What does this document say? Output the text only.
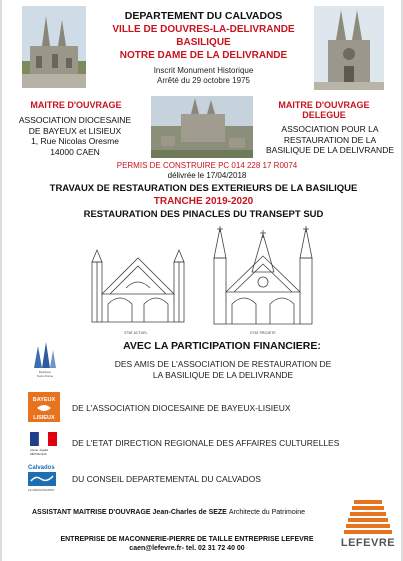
DEPARTEMENT DU CALVADOS
VILLE DE DOUVRES-LA-DELIVRANDE
BASILIQUE
NOTRE DAME DE LA DELIVRANDE
Inscrit Monument Historique
Arrêté du 29 octobre 1975
MAITRE D'OUVRAGE
ASSOCIATION DIOCESAINE
DE BAYEUX et LISIEUX
1, Rue Nicolas Oresme
14000 CAEN
MAITRE D'OUVRAGE
DELEGUE
ASSOCIATION POUR LA
RESTAURATION DE LA
BASILIQUE DE LA DELIVRANDE
PERMIS DE CONSTRUIRE PC 014 228 17 R0074
délivrée le 17/04/2018
TRAVAUX DE RESTAURATION DES EXTERIEURS DE LA BASILIQUE
TRANCHE 2019-2020
RESTAURATION DES PINACLES DU TRANSEPT SUD
ETAT ACTUEL	ETAT PROJETE
AVEC LA PARTICIPATION FINANCIERE:
Basilique
Notre-Dame
DES AMIS DE L'ASSOCIATION DE RESTAURATION DE
LA BASILIQUE DE LA DELIVRANDE
BAYEUX
LISIEUX
DE L'ASSOCIATION DIOCESAINE DE BAYEUX-LISIEUX
Liberté • Égalité
RÉPUBLIQUE
DE L'ETAT DIRECTION REGIONALE DES AFFAIRES CULTURELLES
Calvados
LE DÉPARTEMENT
DU CONSEIL DEPARTEMENTAL DU CALVADOS
ASSISTANT MAITRISE D'OUVRAGE Jean-Charles de SEZE Architecte du Patrimoine
ENTREPRISE DE MACONNERIE-PIERRE DE TAILLE ENTREPRISE LEFEVRE
caen@lefevre.fr- tel. 02 31 72 40 00	LEFEVRE
